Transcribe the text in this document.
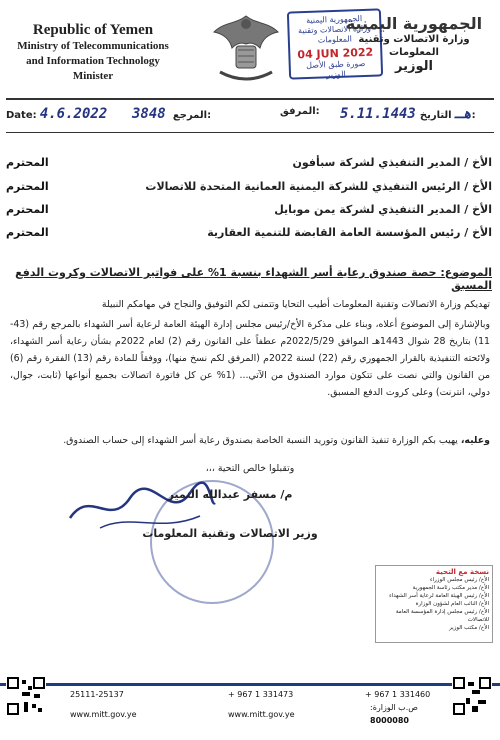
Republic of Yemen
Ministry of Telecommunications
and Information Technology
Minister
الجمهورية اليمنية
وزارة الاتصالات وتقنية المعلومات
04 JUN 2022
صورة طبق الأصل
الوزير
الجمهورية اليمنية
وزارة الاتصالات وتقنية المعلومات
الوزير
Date: 4.6.2022 3848 المرجع:	المرفق: 5.11.1443هـ التاريخ:
الأخ / المدير التنفيذي لشركة سبأفون
المحترم
الأخ / الرئيس التنفيذي للشركة اليمنية العمانية المتحدة للاتصالات
المحترم
الأخ / المدير التنفيذي لشركة يمن موبايل
المحترم
الأخ / رئيس المؤسسة العامة القابضة للتنمية العقارية
المحترم
الموضوع: حصة صندوق رعاية أسر الشهداء بنسبة 1% على فواتير الاتصالات وكروت الدفع المسبق
تهديكم وزارة الاتصالات وتقنية المعلومات أطيب التحايا وتتمنى لكم التوفيق والنجاح في مهامكم النبيلة
وبالإشارة إلى الموضوع أعلاه، وبناء على مذكرة الأخ/رئيس مجلس إدارة الهيئة العامة لرعاية أسر الشهداء بالمرجع رقم (43-11) بتاريخ 28 شوال 1443هـ الموافق 2022/5/29م عطفاً على القانون رقم (2) لعام 2022م بشأن رعاية أسر الشهداء، ولائحته التنفيذية بالقرار الجمهوري رقم (22) لسنة 2022م (المرفق لكم نسخ منها)، ووفقاً للمادة رقم (13) الفقرة رقم (6) من القانون والتي نصت على تتكون موارد الصندوق من الآتي... (1% عن كل فاتورة اتصالات بجميع أنواعها (ثابت، جوال، دولي، انترنت) وعلى كروت الدفع المسبق.
وعليه، يهيب بكم الوزارة تنفيذ القانون وتوريد النسبة الخاصة بصندوق رعاية أسر الشهداء إلى حساب الصندوق.
وتقبلوا خالص التحية ،،،
م/ مسفر عبدالله النمير
وزير الاتصالات وتقنية المعلومات
نسخة مع التحية
الأخ/ رئيس مجلس الوزراء
الأخ/ مدير مكتب رئاسة الجمهورية
الأخ/ رئيس الهيئة العامة لرعاية أسر الشهداء
الأخ/ النائب العام لشؤون الوزارة
الأخ/ رئيس مجلس إدارة المؤسسة العامة للاتصالات
الأخ/ مكتب الوزير
25111-25137
www.mitt.gov.ye
+ 967 1 331473
www.mitt.gov.ye
+ 967 1 331460
ص.ب الوزارة:
8000080
